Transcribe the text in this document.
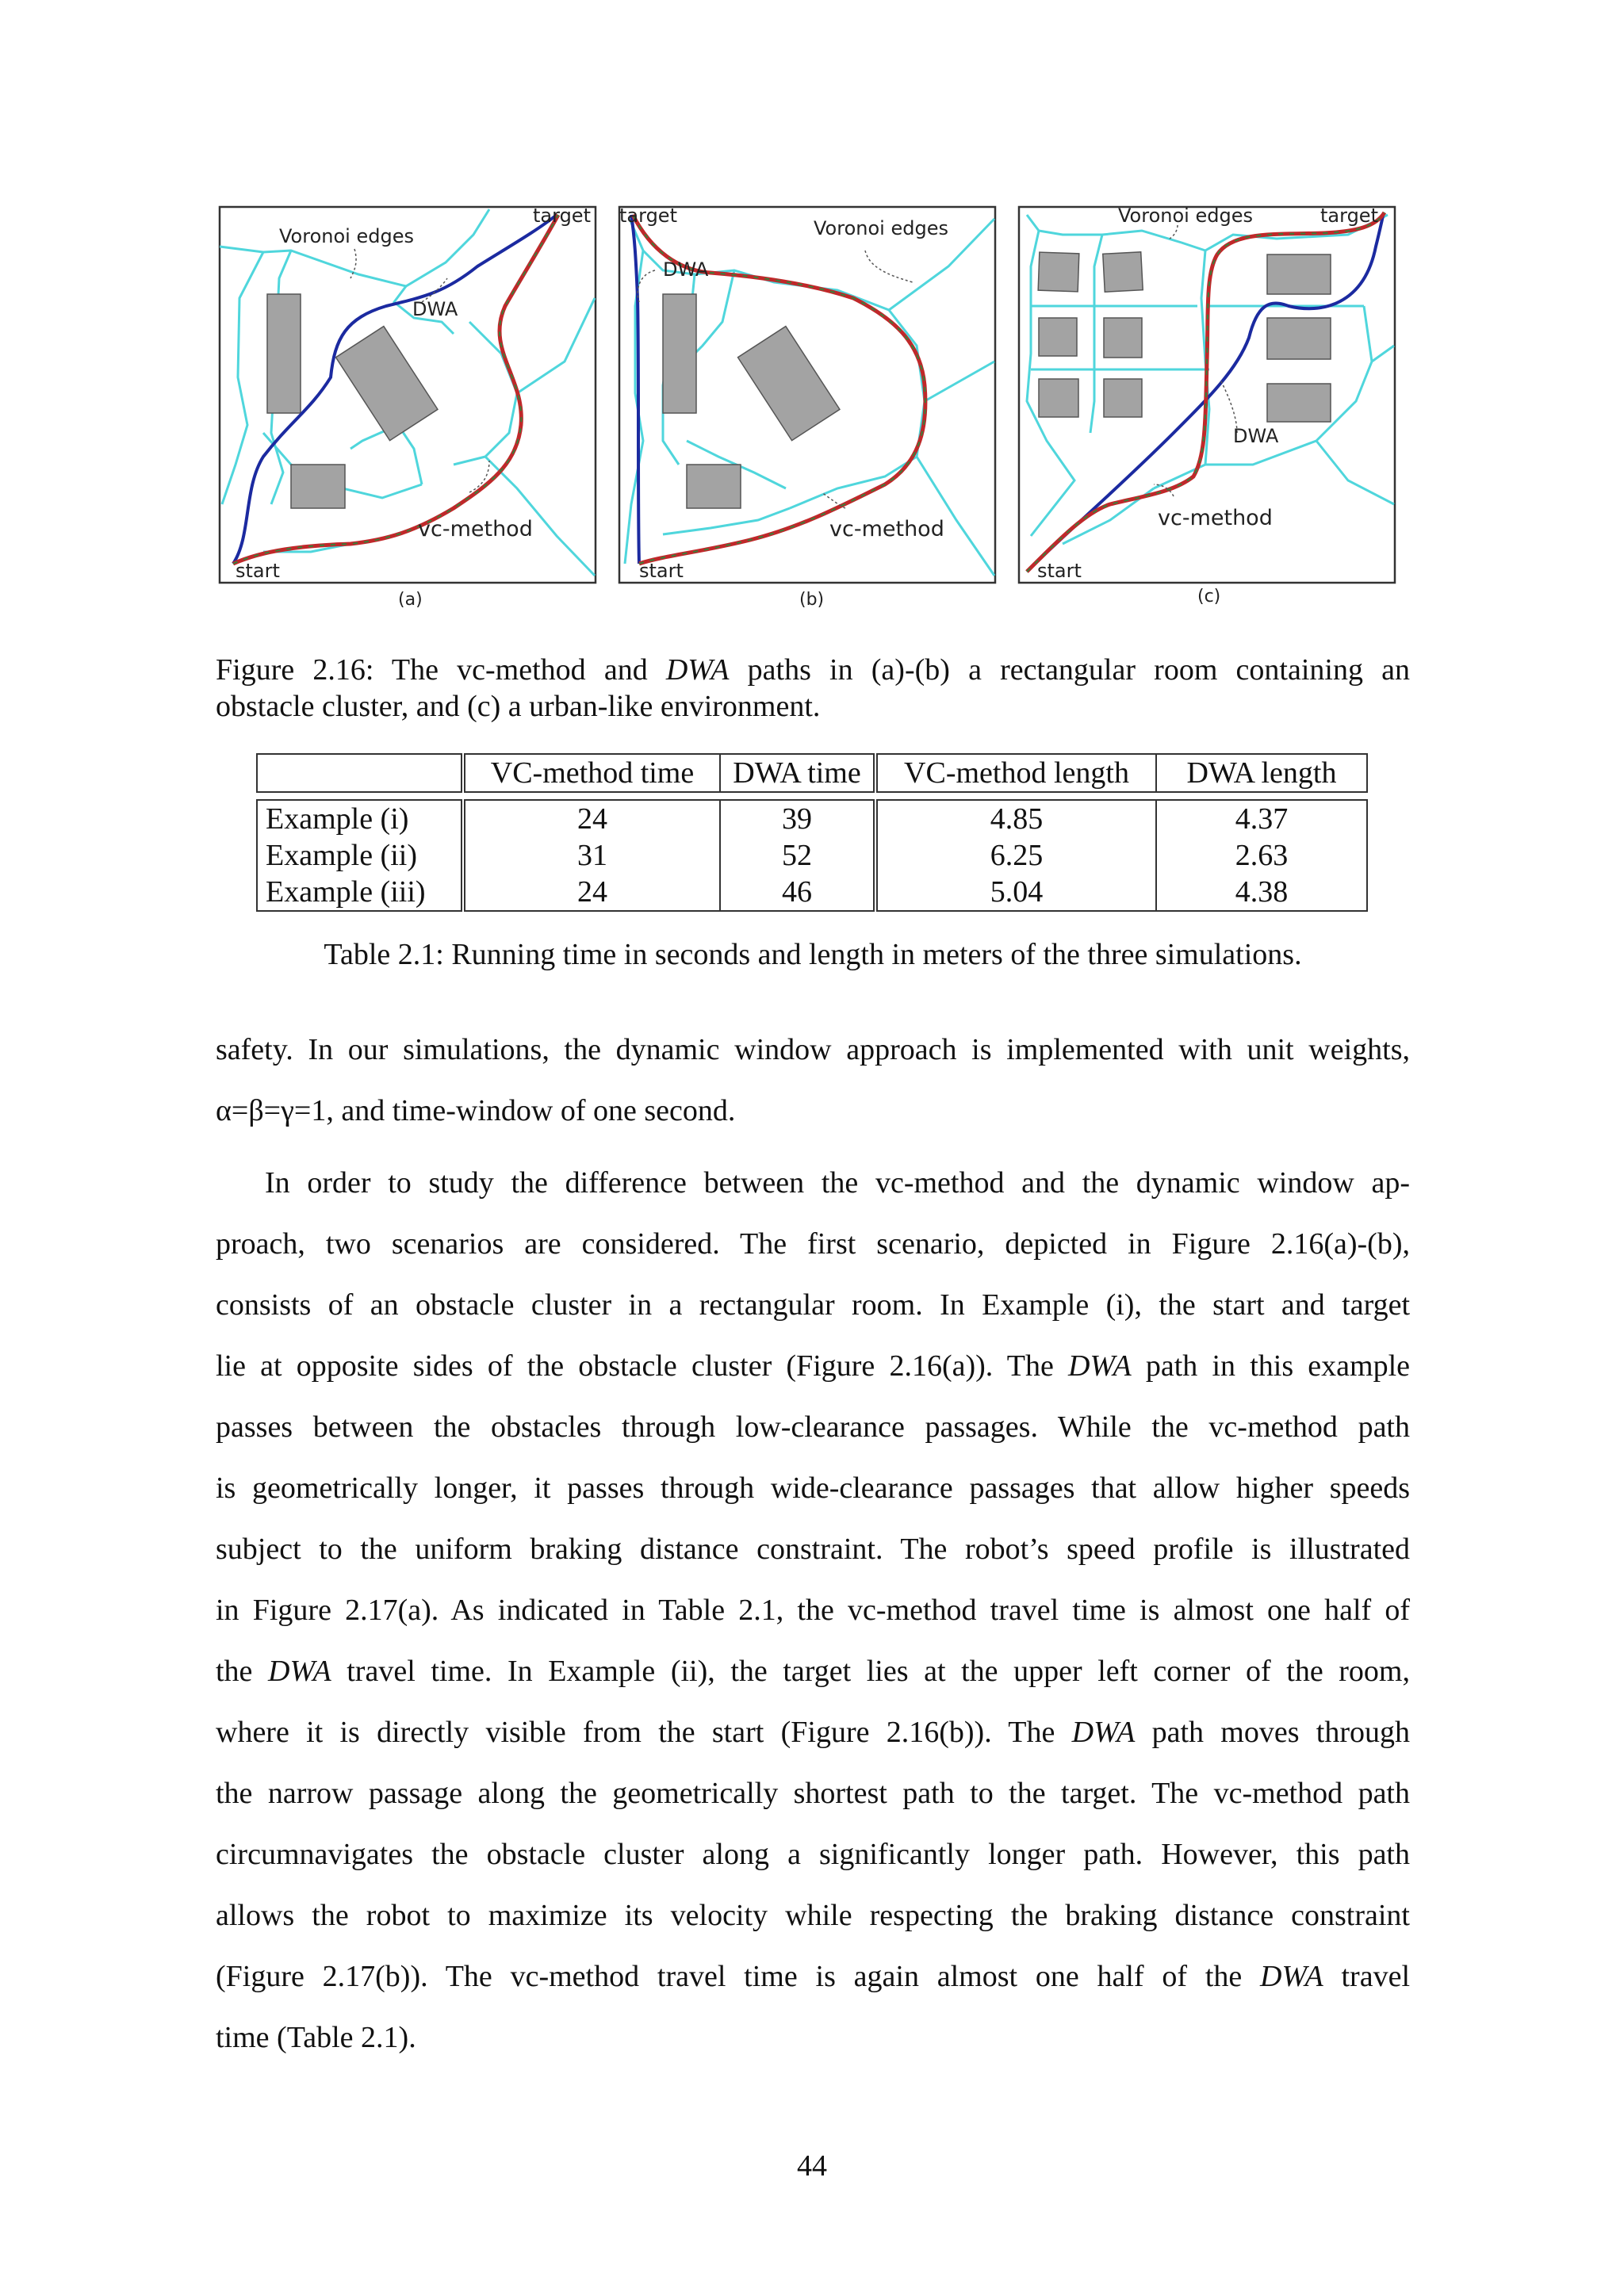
Voronoi edges
target
DWA
vc-method
start
Voronoi edges
target
DWA
vc-method
start
Voronoi edges	target
DWA
vc-method
start
(a)	(b)	(c)
Figure 2.16: The vc-method and DWA paths in (a)-(b) a rectangular room containing an
obstacle cluster, and (c) a urban-like environment.
	VC-method time	DWA time	VC-method length	DWA length

Example (i)	24	39	4.85	4.37
Example (ii)	31	52	6.25	2.63
Example (iii)	24	46	5.04	4.38
Table 2.1: Running time in seconds and length in meters of the three simulations.
safety. In our simulations, the dynamic window approach is implemented with unit weights,
α=β=γ=1, and time-window of one second.
In order to study the difference between the vc-method and the dynamic window ap-
proach, two scenarios are considered. The first scenario, depicted in Figure 2.16(a)-(b),
consists of an obstacle cluster in a rectangular room. In Example (i), the start and target
lie at opposite sides of the obstacle cluster (Figure 2.16(a)). The DWA path in this example
passes between the obstacles through low-clearance passages. While the vc-method path
is geometrically longer, it passes through wide-clearance passages that allow higher speeds
subject to the uniform braking distance constraint. The robot’s speed profile is illustrated
in Figure 2.17(a). As indicated in Table 2.1, the vc-method travel time is almost one half of
the DWA travel time. In Example (ii), the target lies at the upper left corner of the room,
where it is directly visible from the start (Figure 2.16(b)). The DWA path moves through
the narrow passage along the geometrically shortest path to the target. The vc-method path
circumnavigates the obstacle cluster along a significantly longer path. However, this path
allows the robot to maximize its velocity while respecting the braking distance constraint
(Figure 2.17(b)). The vc-method travel time is again almost one half of the DWA travel
time (Table 2.1).
44
